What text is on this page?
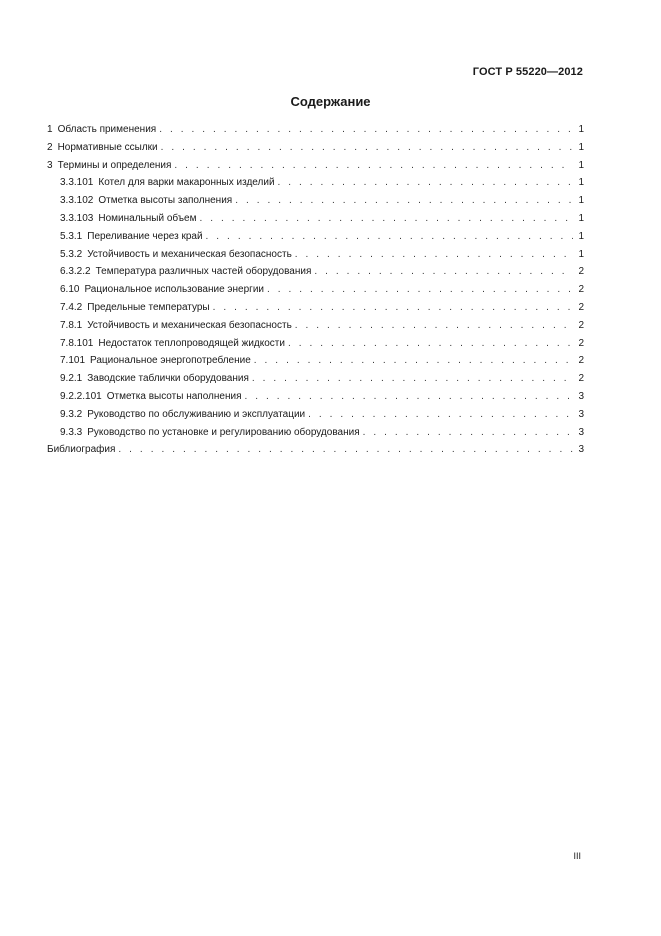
ГОСТ Р 55220—2012
Содержание
1 Область применения . . .	1
2 Нормативные ссылки . . .	1
3 Термины и определения . . .	1
3.3.101 Котел для варки макаронных изделий . . .	1
3.3.102 Отметка высоты заполнения . . .	1
3.3.103 Номинальный объем . . .	1
5.3.1 Переливание через край . . .	1
5.3.2 Устойчивость и механическая безопасность . . .	1
6.3.2.2 Температура различных частей оборудования . . .	2
6.10 Рациональное использование энергии . . .	2
7.4.2 Предельные температуры . . .	2
7.8.1 Устойчивость и механическая безопасность . . .	2
7.8.101 Недостаток теплопроводящей жидкости . . .	2
7.101 Рациональное энергопотребление . . .	2
9.2.1 Заводские таблички оборудования . . .	2
9.2.2.101 Отметка высоты наполнения . . .	3
9.3.2 Руководство по обслуживанию и эксплуатации . . .	3
9.3.3 Руководство по установке и регулированию оборудования . . .	3
Библиография . . .	3
III
